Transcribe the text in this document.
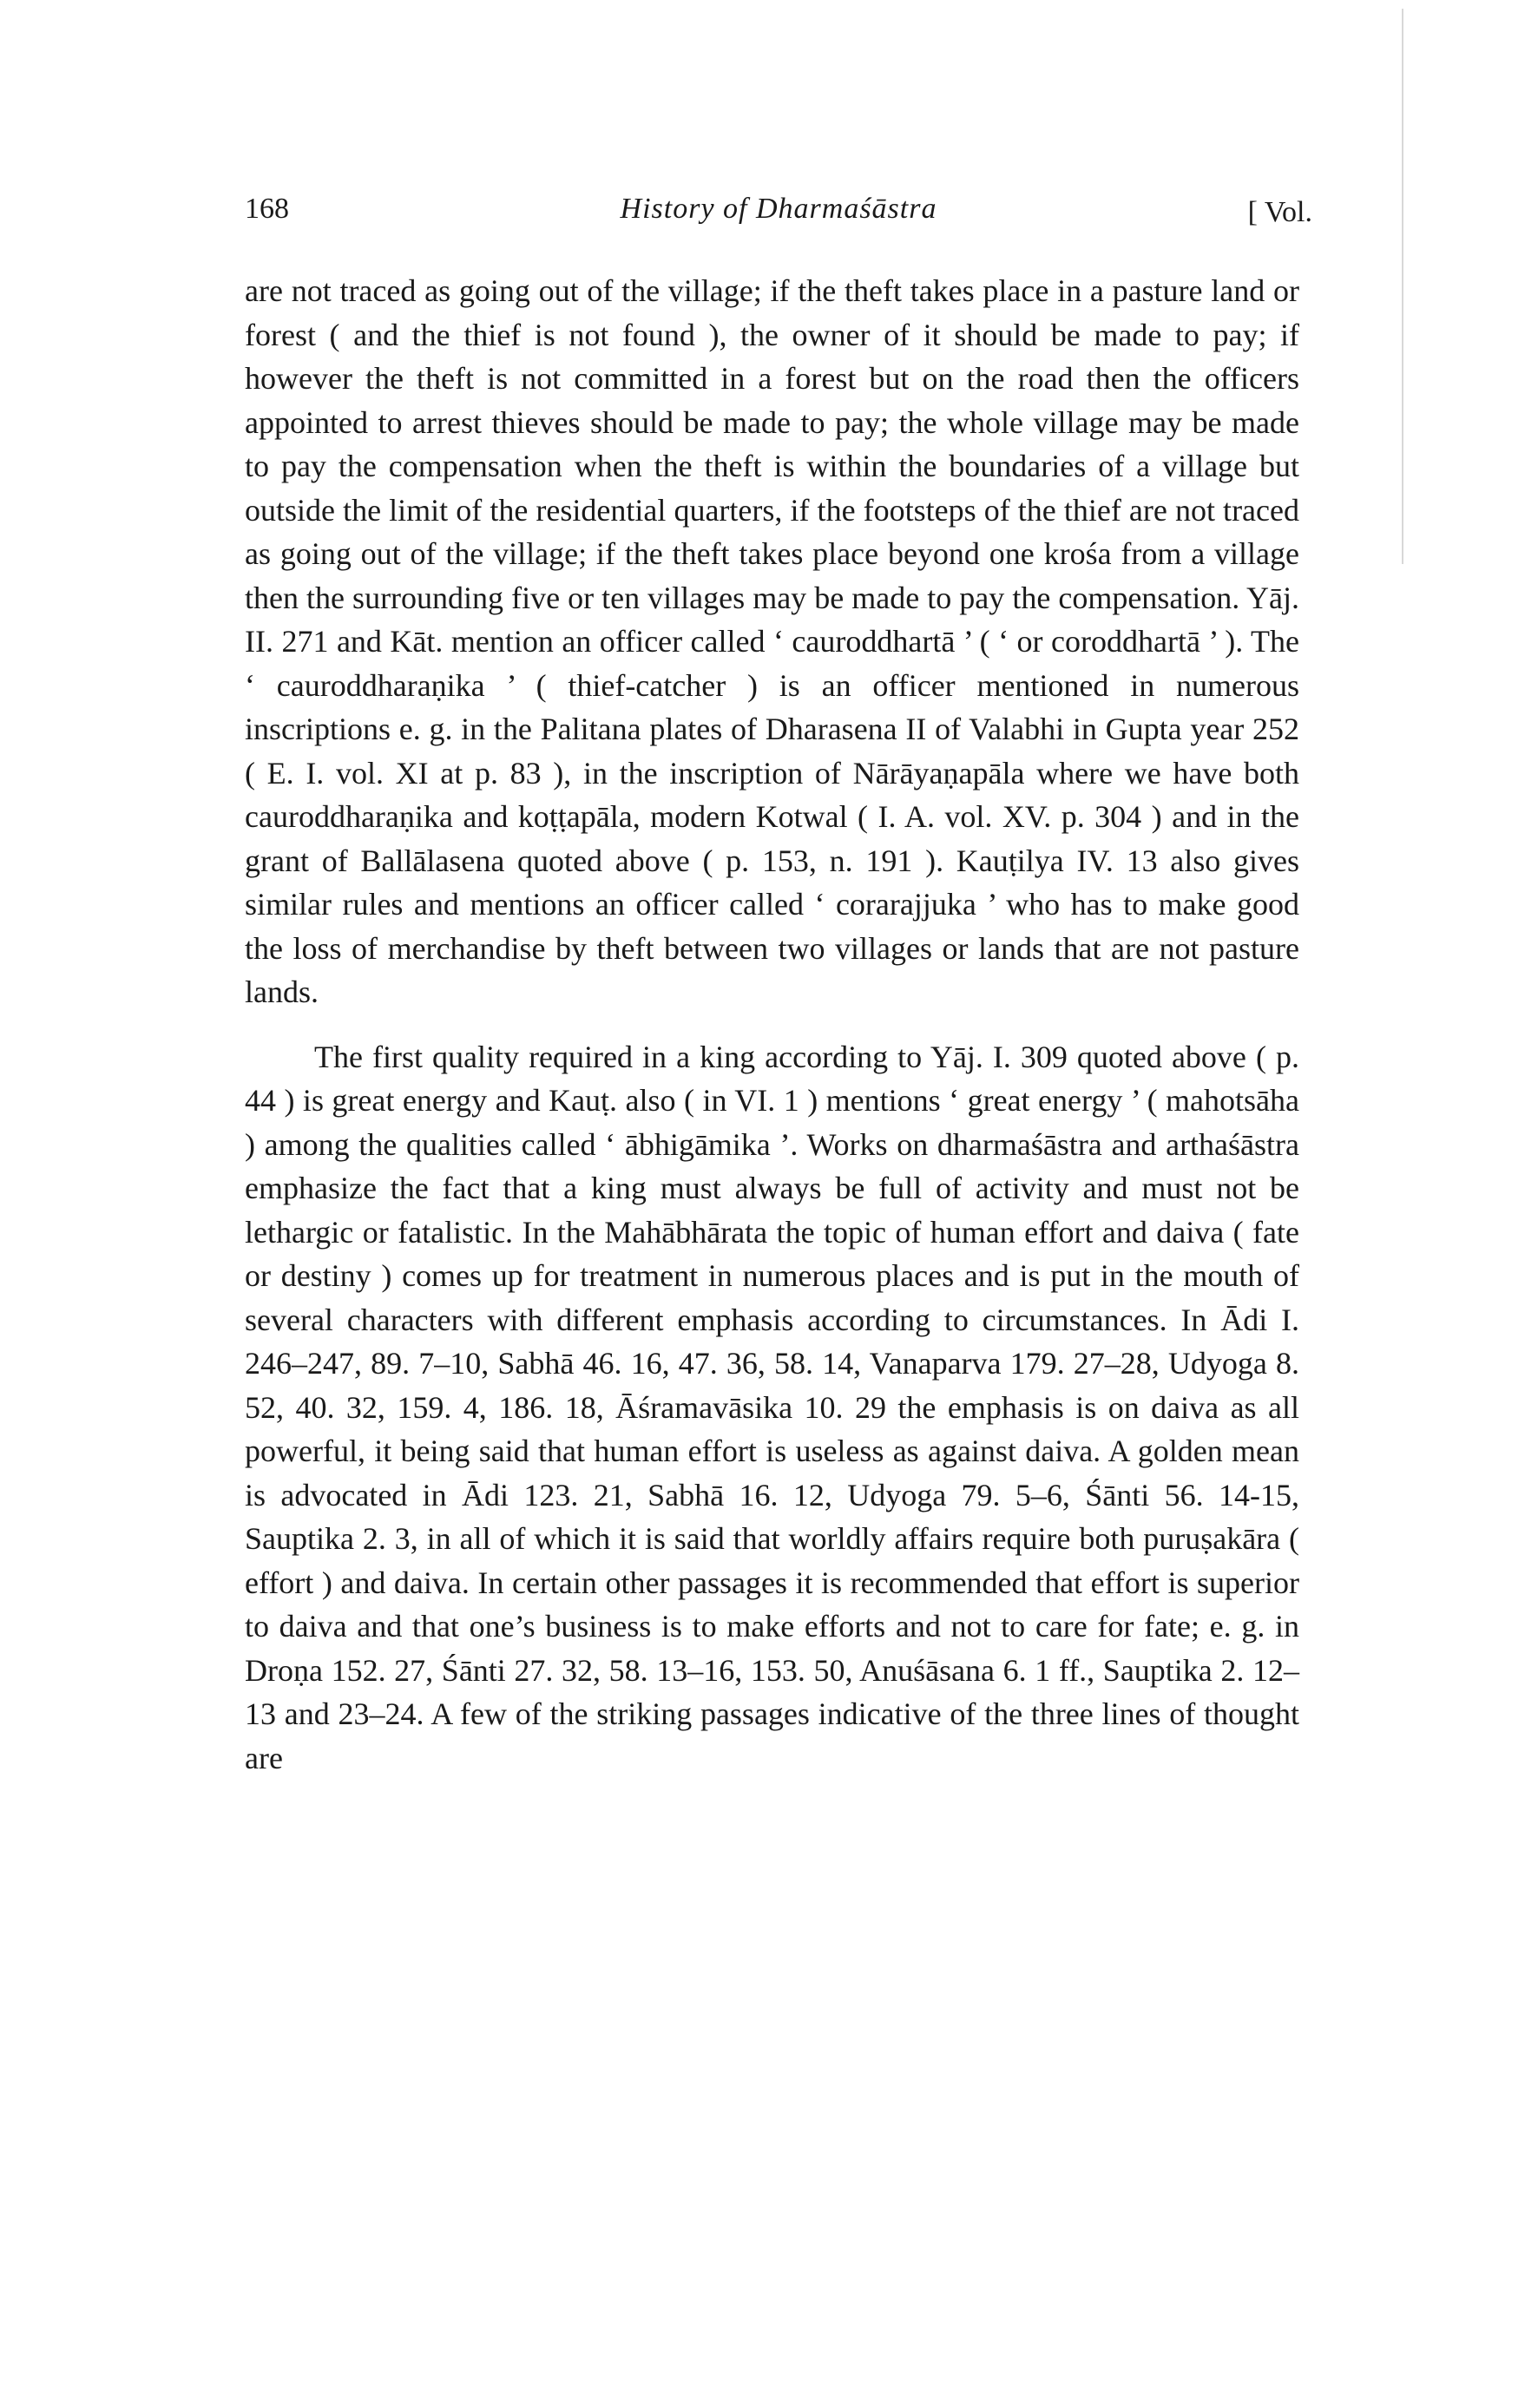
168	History of Dharmaśāstra	[ Vol.

are not traced as going out of the village; if the theft takes place in a pasture land or forest ( and the thief is not found ), the owner of it should be made to pay; if however the theft is not committed in a forest but on the road then the officers appointed to arrest thieves should be made to pay; the whole village may be made to pay the compensation when the theft is within the boundaries of a village but outside the limit of the residential quarters, if the footsteps of the thief are not traced as going out of the village; if the theft takes place beyond one krośa from a village then the surrounding five or ten villages may be made to pay the compensation. Yāj. II. 271 and Kāt. mention an officer called ‘ cauroddhartā ’ ( ‘ or coroddhartā ’ ). The ‘ cauroddharaṇika ’ ( thief-catcher ) is an officer mentioned in numerous inscriptions e. g. in the Palitana plates of Dharasena II of Valabhi in Gupta year 252 ( E. I. vol. XI at p. 83 ), in the inscription of Nārāyaṇapāla where we have both cauroddharaṇika and koṭṭapāla, modern Kotwal ( I. A. vol. XV. p. 304 ) and in the grant of Ballālasena quoted above ( p. 153, n. 191 ). Kauṭilya IV. 13 also gives similar rules and mentions an officer called ‘ corarajjuka ’ who has to make good the loss of merchandise by theft between two villages or lands that are not pasture lands.

The first quality required in a king according to Yāj. I. 309 quoted above ( p. 44 ) is great energy and Kauṭ. also ( in VI. 1 ) mentions ‘ great energy ’ ( mahotsāha ) among the qualities called ‘ ābhigāmika ’. Works on dharmaśāstra and arthaśāstra emphasize the fact that a king must always be full of activity and must not be lethargic or fatalistic. In the Mahābhārata the topic of human effort and daiva ( fate or destiny ) comes up for treatment in numerous places and is put in the mouth of several characters with different emphasis according to circumstances. In Ādi I. 246–247, 89. 7–10, Sabhā 46. 16, 47. 36, 58. 14, Vanaparva 179. 27–28, Udyoga 8. 52, 40. 32, 159. 4, 186. 18, Āśramavāsika 10. 29 the emphasis is on daiva as all powerful, it being said that human effort is useless as against daiva. A golden mean is advocated in Ādi 123. 21, Sabhā 16. 12, Udyoga 79. 5–6, Śānti 56. 14-15, Sauptika 2. 3, in all of which it is said that worldly affairs require both puruṣakāra ( effort ) and daiva. In certain other passages it is recommended that effort is superior to daiva and that one’s business is to make efforts and not to care for fate; e. g. in Droṇa 152. 27, Śānti 27. 32, 58. 13–16, 153. 50, Anuśāsana 6. 1 ff., Sauptika 2. 12–13 and 23–24. A few of the striking passages indicative of the three lines of thought are
